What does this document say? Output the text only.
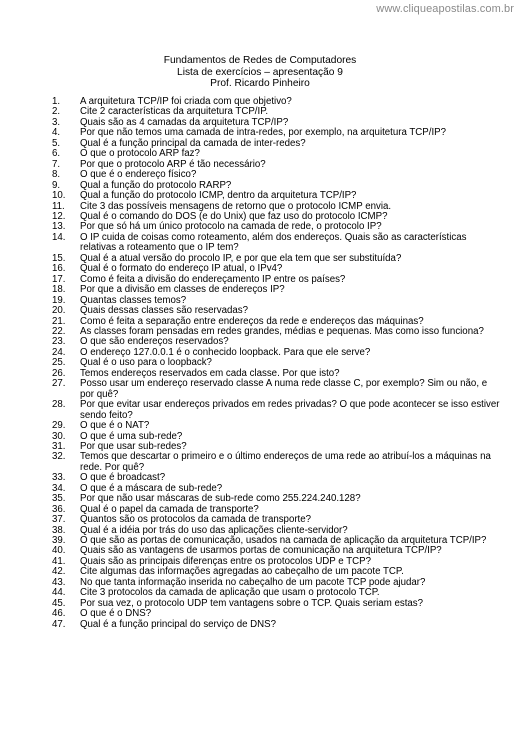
www.cliqueapostilas.com.br
Fundamentos de Redes de Computadores
Lista de exercícios – apresentação 9
Prof. Ricardo Pinheiro
1.	A arquitetura TCP/IP foi criada com que objetivo?
2.	Cite 2 características da arquitetura TCP/IP.
3.	Quais são as 4 camadas da arquitetura TCP/IP?
4.	Por que não temos uma camada de intra-redes, por exemplo, na arquitetura TCP/IP?
5.	Qual é a função principal da camada de inter-redes?
6.	O que o protocolo ARP faz?
7.	Por que o protocolo ARP é tão necessário?
8.	O que é o endereço físico?
9.	Qual a função do protocolo RARP?
10.	Qual a função do protocolo ICMP, dentro da arquitetura TCP/IP?
11.	Cite 3 das possíveis mensagens de retorno que o protocolo ICMP envia.
12.	Qual é o comando do DOS (e do Unix) que faz uso do protocolo ICMP?
13.	Por que só há um único protocolo na camada de rede, o protocolo IP?
14.	O IP cuida de coisas como roteamento, além dos endereços. Quais são as características relativas a roteamento que o IP tem?
15.	Qual é a atual versão do procolo IP, e por que ela tem que ser substituída?
16.	Qual é o formato do endereço IP atual, o IPv4?
17.	Como é feita a divisão do endereçamento IP entre os países?
18.	Por que a divisão em classes de endereços IP?
19.	Quantas classes temos?
20.	Quais dessas classes são reservadas?
21.	Como é feita a separação entre endereços da rede e endereços das máquinas?
22.	As classes foram pensadas em redes grandes, médias e pequenas. Mas como isso funciona?
23.	O que são endereços reservados?
24.	O endereço 127.0.0.1 é o conhecido loopback. Para que ele serve?
25.	Qual é o uso para o loopback?
26.	Temos endereços reservados em cada classe. Por que isto?
27.	Posso usar um endereço reservado classe A numa rede classe C, por exemplo? Sim ou não, e por quê?
28.	Por que evitar usar endereços privados em redes privadas? O que pode acontecer se isso estiver sendo feito?
29.	O que é o NAT?
30.	O que é uma sub-rede?
31.	Por que usar sub-redes?
32.	Temos que descartar o primeiro e o último endereços de uma rede ao atribuí-los a máquinas na rede. Por quê?
33.	O que é broadcast?
34.	O que é a máscara de sub-rede?
35.	Por que não usar máscaras de sub-rede como 255.224.240.128?
36.	Qual é o papel da camada de transporte?
37.	Quantos são os protocolos da camada de transporte?
38.	Qual é a idéia por trás do uso das aplicações cliente-servidor?
39.	O que são as portas de comunicação, usados na camada de aplicação da arquitetura TCP/IP?
40.	Quais são as vantagens de usarmos portas de comunicação na arquitetura TCP/IP?
41.	Quais são as principais diferenças entre os protocolos UDP e TCP?
42.	Cite algumas das informações agregadas ao cabeçalho de um pacote TCP.
43.	No que tanta informação inserida no cabeçalho de um pacote TCP pode ajudar?
44.	Cite 3 protocolos da camada de aplicação que usam o protocolo TCP.
45.	Por sua vez, o protocolo UDP tem vantagens sobre o TCP. Quais seriam estas?
46.	O que é o DNS?
47.	Qual é a função principal do serviço de DNS?
